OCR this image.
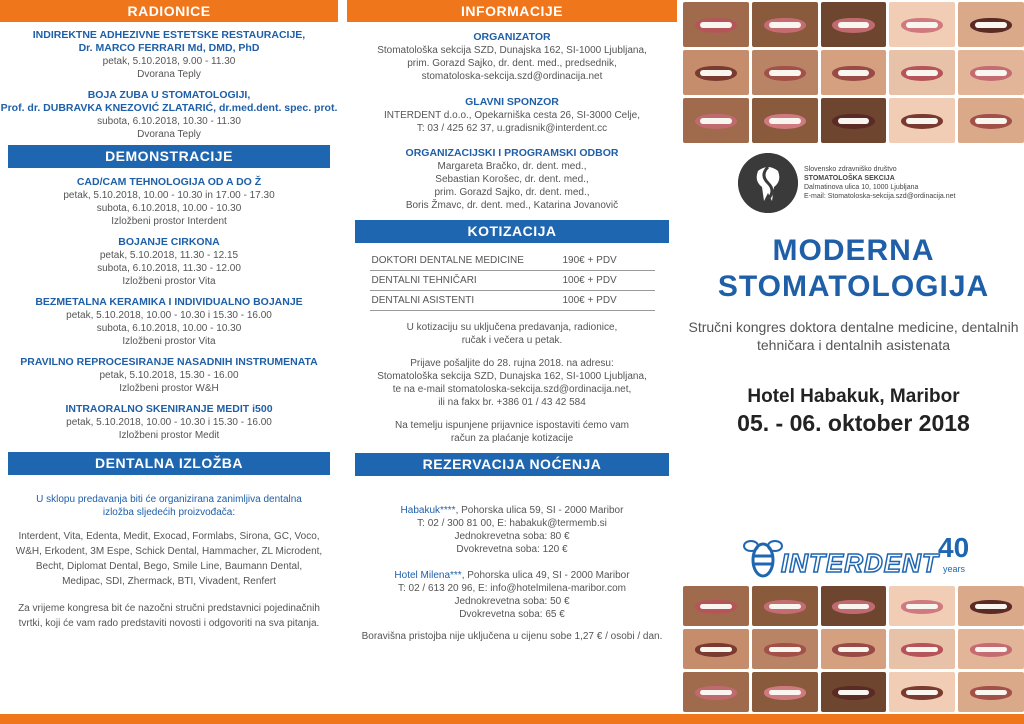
RADIONICE
INDIREKTNE ADHEZIVNE ESTETSKE RESTAURACIJE,
Dr. MARCO FERRARI Md, DMD, PhD
petak, 5.10.2018, 9.00 - 11.30
Dvorana Teply
BOJA ZUBA U STOMATOLOGIJI,
Prof. dr. DUBRAVKA KNEZOVIĆ ZLATARIĆ, dr.med.dent. spec. prot.
subota, 6.10.2018, 10.30 - 11.30
Dvorana Teply
DEMONSTRACIJE
CAD/CAM TEHNOLOGIJA OD A DO Ž
petak, 5.10.2018, 10.00 - 10.30 in 17.00 - 17.30
subota, 6.10.2018, 10.00 - 10.30
Izložbeni prostor Interdent
BOJANJE CIRKONA
petak, 5.10.2018, 11.30 - 12.15
subota, 6.10.2018, 11.30 - 12.00
Izložbeni prostor Vita
BEZMETALNA KERAMIKA I INDIVIDUALNO BOJANJE
petak, 5.10.2018, 10.00 - 10.30 i 15.30 - 16.00
subota, 6.10.2018, 10.00 - 10.30
Izložbeni prostor Vita
PRAVILNO REPROCESIRANJE NASADNIH INSTRUMENATA
petak, 5.10.2018, 15.30 - 16.00
Izložbeni prostor W&H
INTRAORALNO SKENIRANJE MEDIT i500
petak, 5.10.2018, 10.00 - 10.30 i 15.30 - 16.00
Izložbeni prostor Medit
DENTALNA IZLOŽBA
U sklopu predavanja biti će organizirana zanimljiva dentalna
izložba sljedećih proizvođača:
Interdent, Vita, Edenta, Medit, Exocad, Formlabs, Sirona, GC, Voco,
W&H, Erkodent, 3M Espe, Schick Dental, Hammacher, ZL Microdent,
Becht, Diplomat Dental, Bego, Smile Line, Baumann Dental,
Medipac, SDI, Zhermack, BTI, Vivadent, Renfert
Za vrijeme kongresa bit će nazočni stručni predstavnici pojedinačnih
tvrtki, koji će vam rado predstaviti novosti i odgovoriti na sva pitanja.
INFORMACIJE
ORGANIZATOR
Stomatološka sekcija SZD, Dunajska 162, SI-1000 Ljubljana,
prim. Gorazd Sajko, dr. dent. med., predsednik,
stomatoloska-sekcija.szd@ordinacija.net
GLAVNI SPONZOR
INTERDENT d.o.o., Opekarniška cesta 26, SI-3000 Celje,
T: 03 / 425 62 37, u.gradisnik@interdent.cc
ORGANIZACIJSKI I PROGRAMSKI ODBOR
Margareta Bračko, dr. dent. med.,
Sebastian Korošec, dr. dent. med.,
prim. Gorazd Sajko, dr. dent. med.,
Boris Žmavc, dr. dent. med., Katarina Jovanovič
KOTIZACIJA
DOKTORI DENTALNE MEDICINE	190€ + PDV
DENTALNI TEHNIČARI	100€ + PDV
DENTALNI ASISTENTI	100€ + PDV
U kotizaciju su uključena predavanja, radionice,
ručak i večera u petak.
Prijave pošaljite do 28. rujna 2018. na adresu:
Stomatološka sekcija SZD, Dunajska 162, SI-1000 Ljubljana,
te na e-mail stomatoloska-sekcija.szd@ordinacija.net,
ili na fakx br. +386 01 / 43 42 584
Na temelju ispunjene prijavnice ispostaviti ćemo vam
račun za plaćanje kotizacije
REZERVACIJA NOĆENJA
Habakuk****, Pohorska ulica 59, SI - 2000 Maribor
T: 02 / 300 81 00, E: habakuk@termemb.si
Jednokrevetna soba: 80 €
Dvokrevetna soba: 120 €
Hotel Milena***, Pohorska ulica 49, SI - 2000 Maribor
T: 02 / 613 20 96, E: info@hotelmilena-maribor.com
Jednokrevetna soba: 50 €
Dvokrevetna soba: 65 €
Boravišna pristojba nije uključena u cijenu sobe 1,27 € / osobi / dan.
Slovensko zdravniško društvo
STOMATOLOŠKA SEKCIJA
Dalmatinova ulica 10, 1000 Ljubljana
E-mail: Stomatoloska-sekcija.szd@ordinacija.net
MODERNA
STOMATOLOGIJA
Stručni kongres doktora dentalne medicine, dentalnih
tehničara i dentalnih asistenata
Hotel Habakuk, Maribor
05. - 06. oktober 2018
INTERDENT 40
years
